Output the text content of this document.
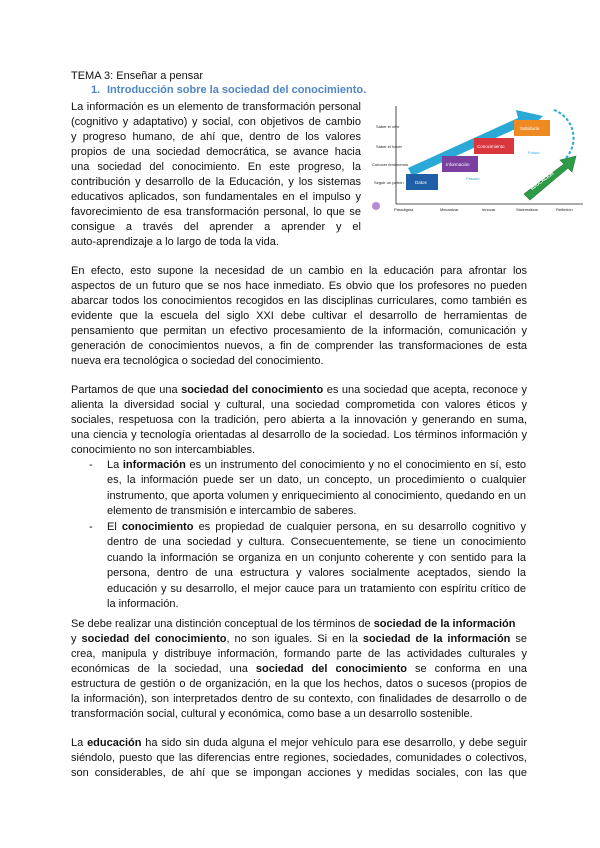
TEMA 3: Enseñar a pensar
1. Introducción sobre la sociedad del conocimiento.
La información es un elemento de transformación personal
(cognitivo y adaptativo) y social, con objetivos de cambio
y progreso humano, de ahí que, dentro de los valores
propios de una sociedad democrática, se avance hacia
una sociedad del conocimiento. En este progreso, la
contribución y desarrollo de la Educación, y los sistemas
educativos aplicados, son fundamentales en el impulso y
favorecimiento de esa transformación personal, lo que se
consigue a través del aprender a aprender y el
auto-aprendizaje a lo largo de toda la vida.
Saber el vivir
Saber el hacer
Conocer fenómenos
Seguir un patrón
Paradigma	Mecanizar	Innovar	Sistematizar	Reflexión
Comprensión
Datos
Información
Conocimiento
Sabiduría
Pasado
Futuro
EDUCACIÓN
En efecto, esto supone la necesidad de un cambio en la educación para afrontar los
aspectos de un futuro que se nos hace inmediato. Es obvio que los profesores no pueden
abarcar todos los conocimientos recogidos en las disciplinas curriculares, como también es
evidente que la escuela del siglo XXI debe cultivar el desarrollo de herramientas de
pensamiento que permitan un efectivo procesamiento de la información, comunicación y
generación de conocimientos nuevos, a fin de comprender las transformaciones de esta
nueva era tecnológica o sociedad del conocimiento.
Partamos de que una sociedad del conocimiento es una sociedad que acepta, reconoce y
alienta la diversidad social y cultural, una sociedad comprometida con valores éticos y
sociales, respetuosa con la tradición, pero abierta a la innovación y generando en suma,
una ciencia y tecnología orientadas al desarrollo de la sociedad. Los términos información y
conocimiento no son intercambiables.
- La información es un instrumento del conocimiento y no el conocimiento en sí, esto
es, la información puede ser un dato, un concepto, un procedimiento o cualquier
instrumento, que aporta volumen y enriquecimiento al conocimiento, quedando en un
elemento de transmisión e intercambio de saberes.
- El conocimiento es propiedad de cualquier persona, en su desarrollo cognitivo y
dentro de una sociedad y cultura. Consecuentemente, se tiene un conocimiento
cuando la información se organiza en un conjunto coherente y con sentido para la
persona, dentro de una estructura y valores socialmente aceptados, siendo la
educación y su desarrollo, el mejor cauce para un tratamiento con espíritu crítico de
la información.
Se debe realizar una distinción conceptual de los términos de sociedad de la información
y sociedad del conocimiento, no son iguales. Si en la sociedad de la información se
crea, manipula y distribuye información, formando parte de las actividades culturales y
económicas de la sociedad, una sociedad del conocimiento se conforma en una
estructura de gestión o de organización, en la que los hechos, datos o sucesos (propios de
la información), son interpretados dentro de su contexto, con finalidades de desarrollo o de
transformación social, cultural y económica, como base a un desarrollo sostenible.
La educación ha sido sin duda alguna el mejor vehículo para ese desarrollo, y debe seguir
siéndolo, puesto que las diferencias entre regiones, sociedades, comunidades o colectivos,
son considerables, de ahí que se impongan acciones y medidas sociales, con las que
